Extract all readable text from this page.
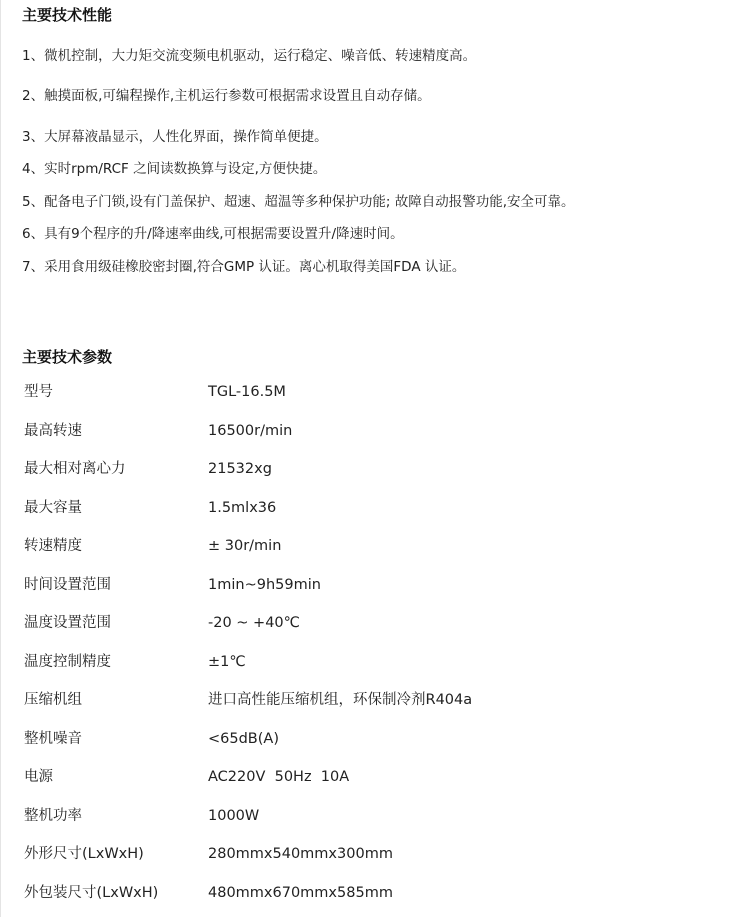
主要技术性能
1、微机控制，大力矩交流变频电机驱动，运行稳定、噪音低、转速精度高。
2、触摸面板,可编程操作,主机运行参数可根据需求设置且自动存储。
3、大屏幕液晶显示，人性化界面，操作简单便捷。
4、实时rpm/RCF 之间读数换算与设定,方便快捷。
5、配备电子门锁,设有门盖保护、超速、超温等多种保护功能; 故障自动报警功能,安全可靠。
6、具有9个程序的升/降速率曲线,可根据需要设置升/降速时间。
7、采用食用级硅橡胶密封圈,符合GMP 认证。离心机取得美国FDA 认证。
主要技术参数
型号	TGL-16.5M
最高转速	16500r/min
最大相对离心力	21532xg
最大容量	1.5mlx36
转速精度	± 30r/min
时间设置范围	1min~9h59min
温度设置范围	-20 ~ +40℃
温度控制精度	±1℃
压缩机组	进口高性能压缩机组，环保制冷剂R404a
整机噪音	<65dB(A)
电源	AC220V  50Hz  10A
整机功率	1000W
外形尺寸(LxWxH)	280mmx540mmx300mm
外包装尺寸(LxWxH)	480mmx670mmx585mm
